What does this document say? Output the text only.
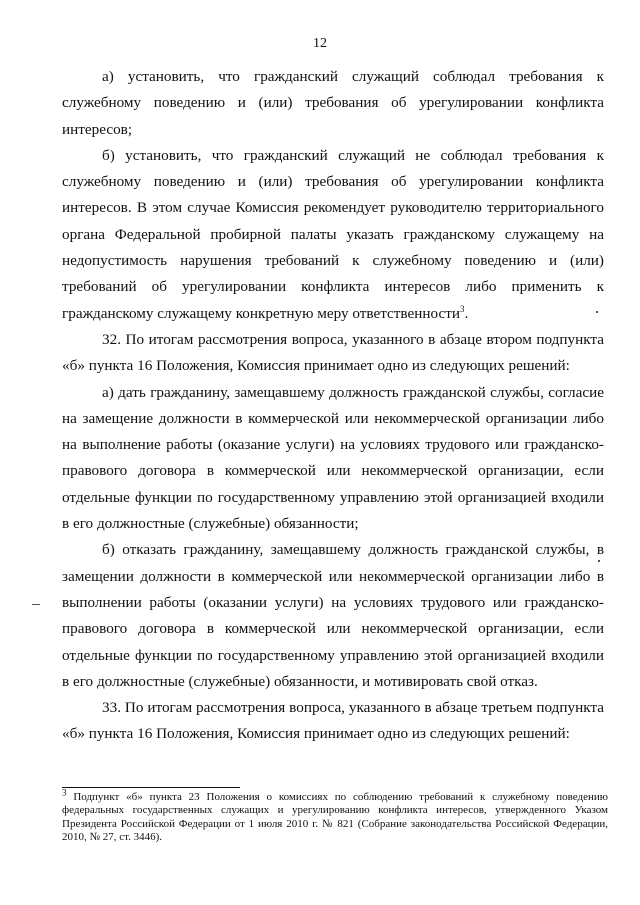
12

а) установить, что гражданский служащий соблюдал требования к служебному поведению и (или) требования об урегулировании конфликта интересов;

б) установить, что гражданский служащий не соблюдал требования к служебному поведению и (или) требования об урегулировании конфликта интересов. В этом случае Комиссия рекомендует руководителю территориального органа Федеральной пробирной палаты указать гражданскому служащему на недопустимость нарушения требований к служебному поведению и (или) требований об урегулировании конфликта интересов либо применить к гражданскому служащему конкретную меру ответственности$^3$.

32. По итогам рассмотрения вопроса, указанного в абзаце втором подпункта «б» пункта 16 Положения, Комиссия принимает одно из следующих решений:

а) дать гражданину, замещавшему должность гражданской службы, согласие на замещение должности в коммерческой или некоммерческой организации либо на выполнение работы (оказание услуги) на условиях трудового или гражданско-правового договора в коммерческой или некоммерческой организации, если отдельные функции по государственному управлению этой организацией входили в его должностные (служебные) обязанности;

б) отказать гражданину, замещавшему должность гражданской службы, в замещении должности в коммерческой или некоммерческой организации либо в выполнении работы (оказании услуги) на условиях трудового или гражданско-правового договора в коммерческой или некоммерческой организации, если отдельные функции по государственному управлению этой организацией входили в его должностные (служебные) обязанности, и мотивировать свой отказ.

33. По итогам рассмотрения вопроса, указанного в абзаце третьем подпункта «б» пункта 16 Положения, Комиссия принимает одно из следующих решений:

$^3$ Подпункт «б» пункта 23 Положения о комиссиях по соблюдению требований к служебному поведению федеральных государственных служащих и урегулированию конфликта интересов, утвержденного Указом Президента Российской Федерации от 1 июля 2010 г. № 821 (Собрание законодательства Российской Федерации, 2010, № 27, ст. 3446).
